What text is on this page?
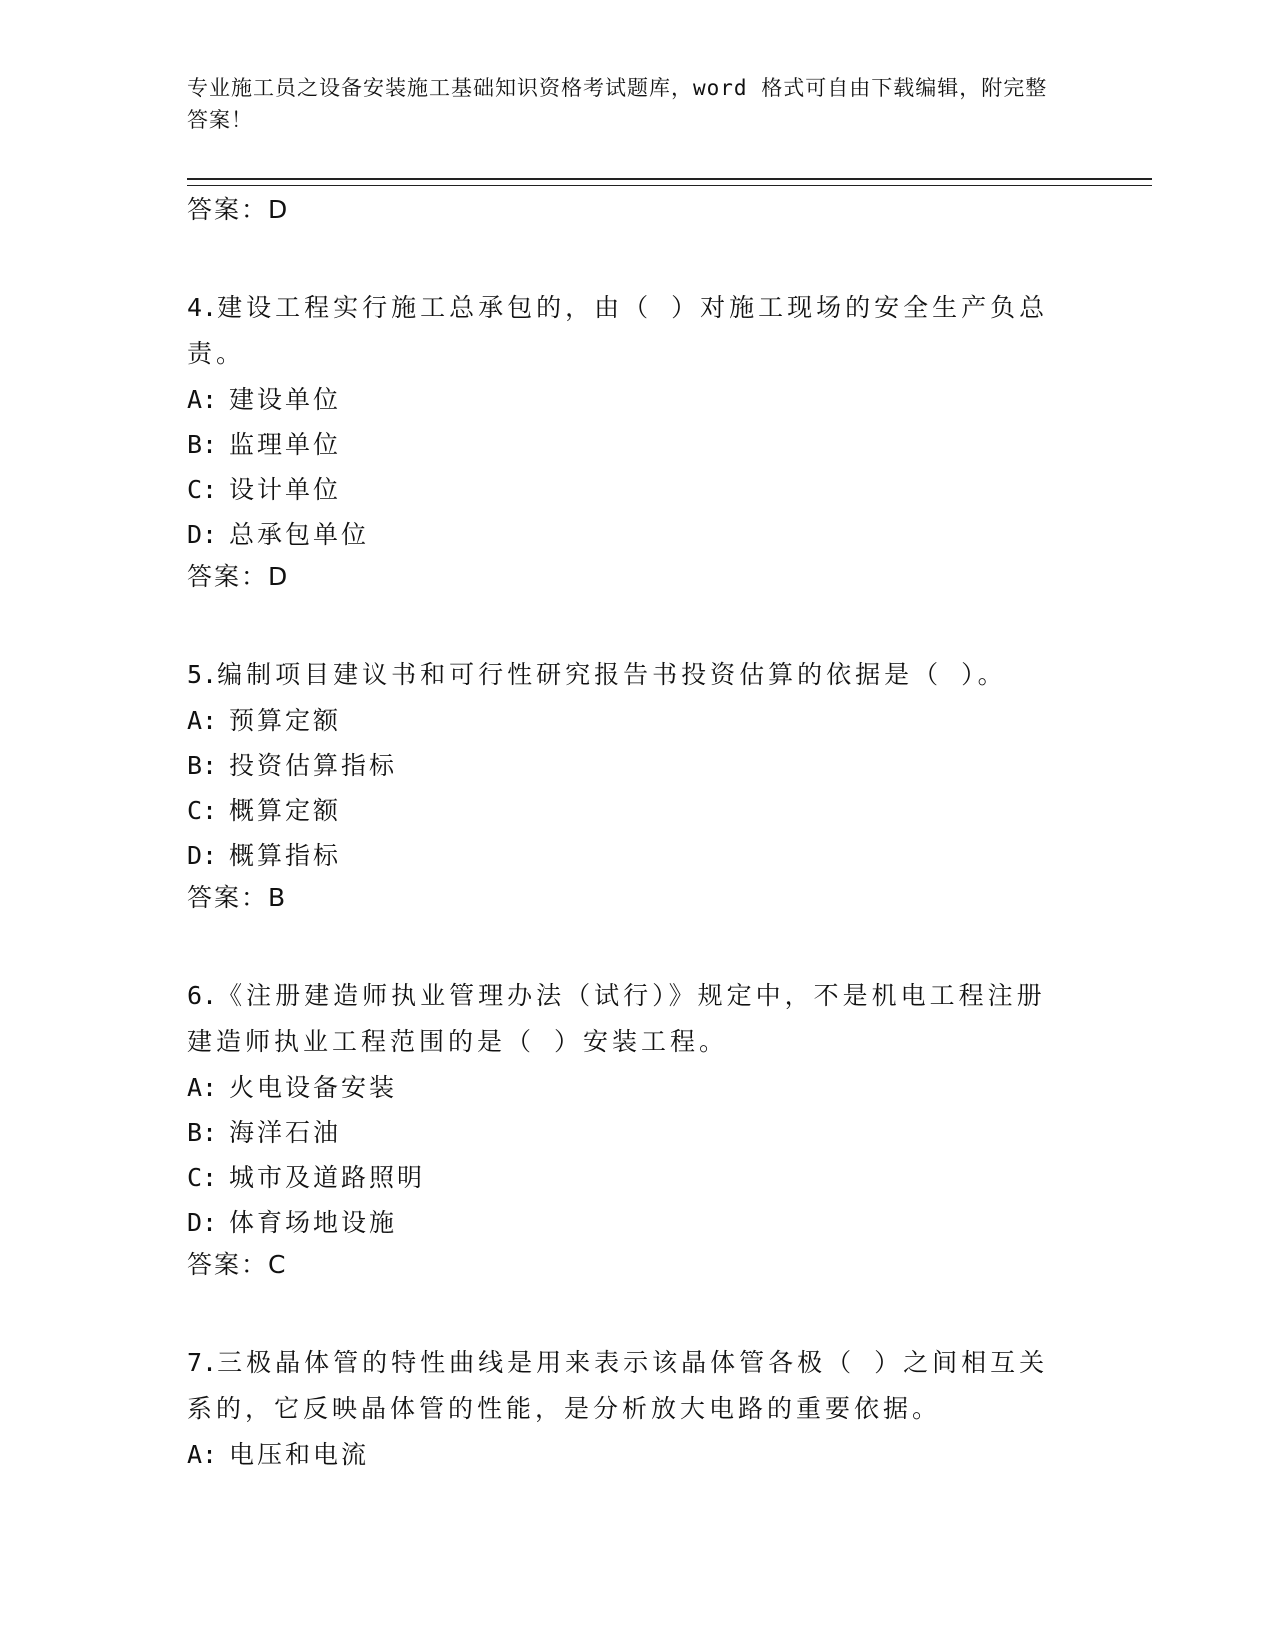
专业施工员之设备安装施工基础知识资格考试题库，word 格式可自由下载编辑，附完整答案！
答案：D
4.建设工程实行施工总承包的，由（ ）对施工现场的安全生产负总责。
A: 建设单位
B: 监理单位
C: 设计单位
D: 总承包单位
答案：D
5.编制项目建议书和可行性研究报告书投资估算的依据是（ ）。
A: 预算定额
B: 投资估算指标
C: 概算定额
D: 概算指标
答案：B
6.《注册建造师执业管理办法（试行）》规定中，不是机电工程注册建造师执业工程范围的是（ ）安装工程。
A: 火电设备安装
B: 海洋石油
C: 城市及道路照明
D: 体育场地设施
答案：C
7.三极晶体管的特性曲线是用来表示该晶体管各极（ ）之间相互关系的，它反映晶体管的性能，是分析放大电路的重要依据。
A: 电压和电流
